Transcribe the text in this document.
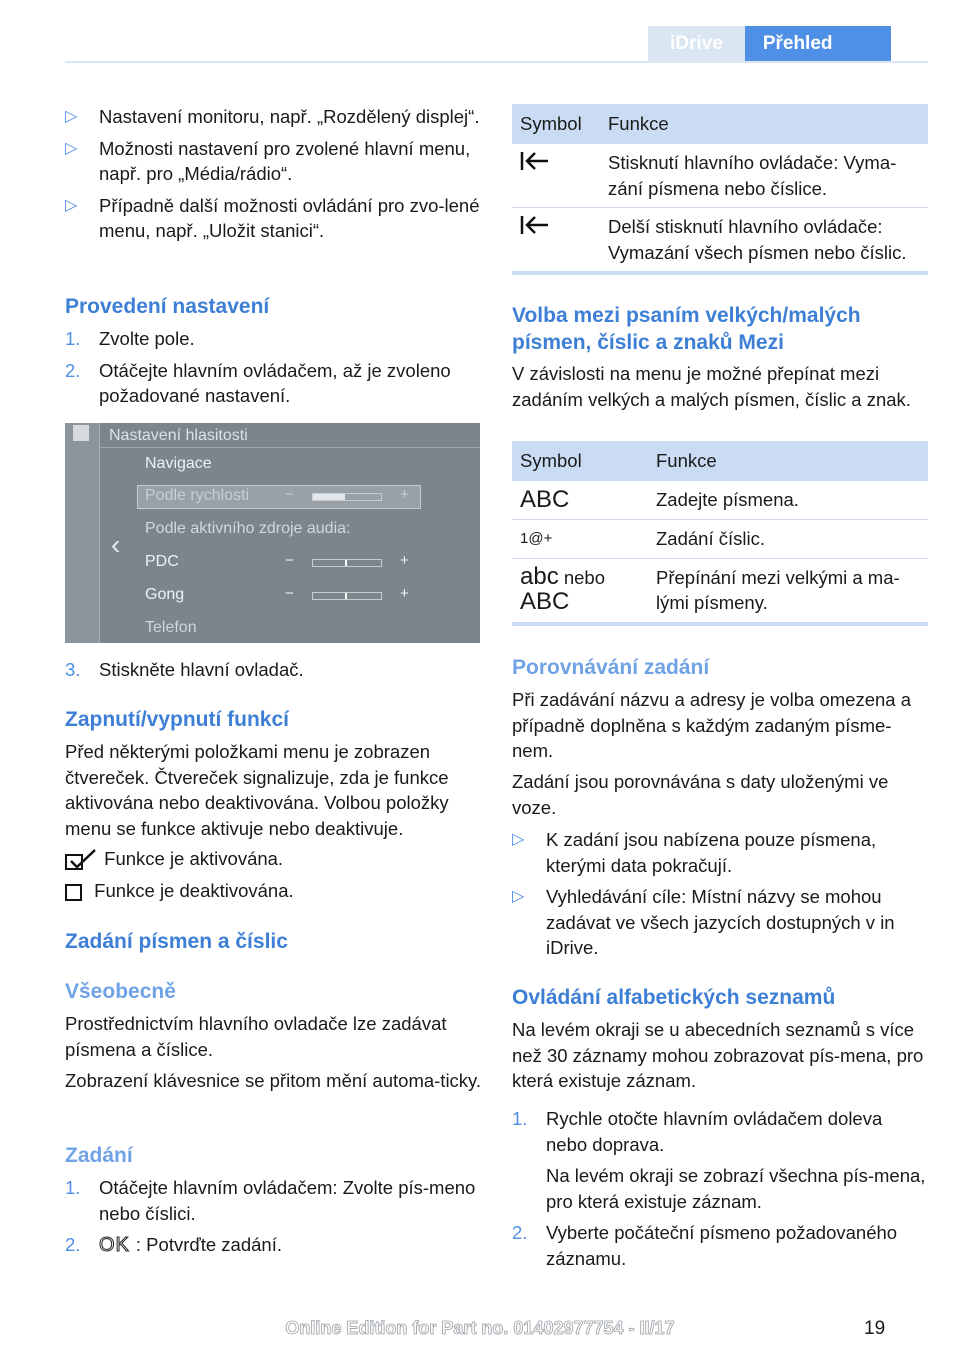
iDrive	Přehled
▷ Nastavení monitoru, např. „Rozdělený displej“.
▷ Možnosti nastavení pro zvolené hlavní menu, např. pro „Média/rádio“.
▷ Případně další možnosti ovládání pro zvo‐lené menu, např. „Uložit stanici“.
Provedení nastavení
1. Zvolte pole.
2. Otáčejte hlavním ovládačem, až je zvoleno požadované nastavení.
Nastavení hlasitosti
‹
Navigace
Podle rychlosti
Podle aktivního zdroje audia:
PDC
Gong
Telefon
−	+
−	+
−	+
3. Stiskněte hlavní ovladač.
Zapnutí/vypnutí funkcí
Před některými položkami menu je zobrazen čtvereček. Čtvereček signalizuje, zda je funkce aktivována nebo deaktivována. Volbou položky menu se funkce aktivuje nebo deaktivuje.
Funkce je aktivována.
Funkce je deaktivována.
Zadání písmen a číslic
Všeobecně
Prostřednictvím hlavního ovladače lze zadávat písmena a číslice.
Zobrazení klávesnice se přitom mění automa‐ticky.
Zadání
1. Otáčejte hlavním ovládačem: Zvolte pís‐meno nebo číslici.
2. OK : Potvrďte zadání.
Symbol	Funkce
	Stisknutí hlavního ovládače: Vyma‐zání písmena nebo číslice.
	Delší stisknutí hlavního ovládače: Vymazání všech písmen nebo číslic.
Volba mezi psaním velkých/malých písmen, číslic a znaků Mezi
V závislosti na menu je možné přepínat mezi zadáním velkých a malých písmen, číslic a znak.
Symbol	Funkce
ABC	Zadejte písmena.
1@+	Zadání číslic.
abc nebo
ABC	Přepínání mezi velkými a ma‐lými písmeny.
Porovnávání zadání
Při zadávání názvu a adresy je volba omezena a případně doplněna s každým zadaným písme‐nem.
Zadání jsou porovnávána s daty uloženými ve voze.
▷ K zadání jsou nabízena pouze písmena, kterými data pokračují.
▷ Vyhledávání cíle: Místní názvy se mohou zadávat ve všech jazycích dostupných v in iDrive.
Ovládání alfabetických seznamů
Na levém okraji se u abecedních seznamů s více než 30 záznamy mohou zobrazovat pís‐mena, pro která existuje záznam.
1. Rychle otočte hlavním ovládačem doleva nebo doprava.
Na levém okraji se zobrazí všechna pís‐mena, pro která existuje záznam.
2. Vyberte počáteční písmeno požadovaného záznamu.
Online Edition for Part no. 01402977754 - II/17	19
